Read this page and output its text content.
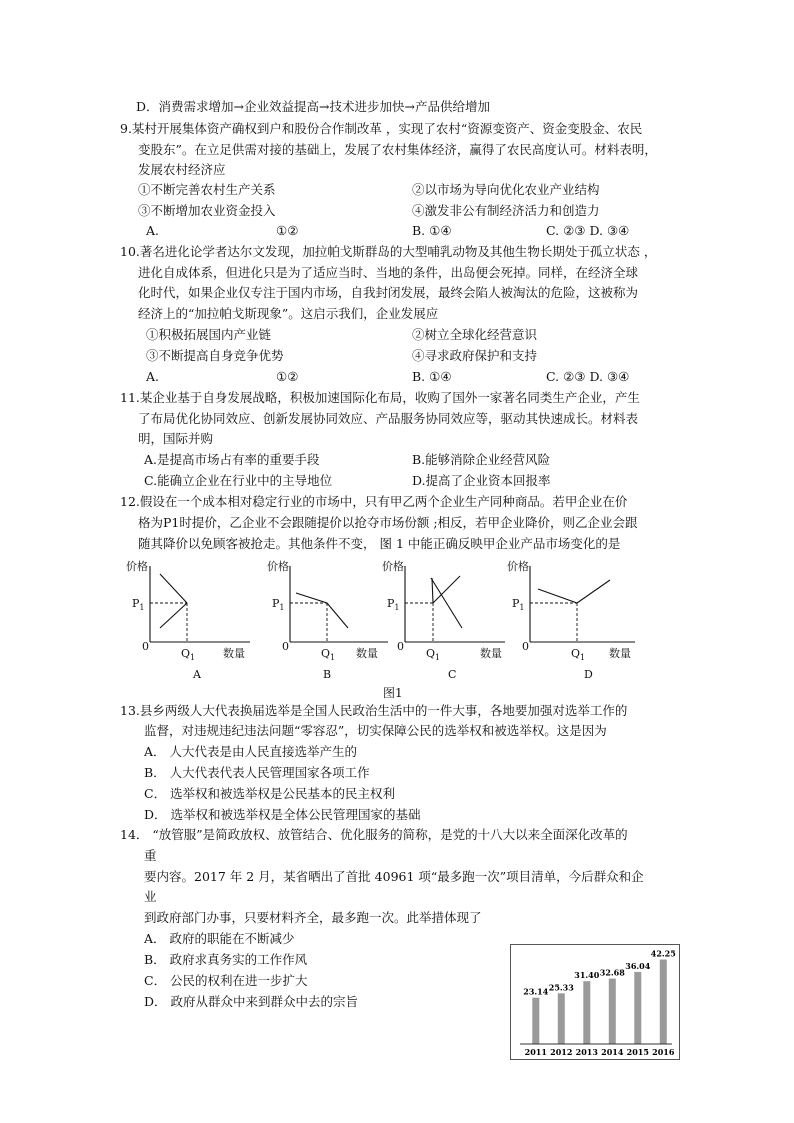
D．消费需求增加→企业效益提高→技术进步加快→产品供给增加
9.某村开展集体资产确权到户和股份合作制改革 ，实现了农村“资源变资产、资金变股金、农民
变股东”。在立足供需对接的基础上，发展了农村集体经济，赢得了农民高度认可。材料表明，
发展农村经济应
①不断完善农村生产关系	②以市场为导向优化农业产业结构
③不断增加农业资金投入	④激发非公有制经济活力和创造力
A.	①②	B. ①④	C. ②③ D. ③④
10.著名进化论学者达尔文发现，加拉帕戈斯群岛的大型哺乳动物及其他生物长期处于孤立状态 ，
进化自成体系，但进化只是为了适应当时、当地的条件，出岛便会死掉。同样，在经济全球
化时代，如果企业仅专注于国内市场，自我封闭发展，最终会陷人被淘汰的危险，这被称为
经济上的“加拉帕戈斯现象”。这启示我们，企业发展应
①积极拓展国内产业链	②树立全球化经营意识
③不断提高自身竞争优势	④寻求政府保护和支持
A.	①②	B. ①④	C. ②③ D. ③④
11.某企业基于自身发展战略，积极加速国际化布局，收购了国外一家著名同类生产企业，产生
了布局优化协同效应、创新发展协同效应、产品服务协同效应等，驱动其快速成长。材料表
明，国际并购
A.是提高市场占有率的重要手段	B.能够消除企业经营风险
C.能确立企业在行业中的主导地位	D.提高了企业资本回报率
12.假设在一个成本相对稳定行业的市场中，只有甲乙两个企业生产同种商品。若甲企业在价
格为P1时提价，乙企业不会跟随提价以抢夺市场份额 ;相反，若甲企业降价，则乙企业会跟
随其降价以免顾客被抢走。其他条件不变， 图 1 中能正确反映甲企业产品市场变化的是
价格	价格	价格	价格
$P_1$	$P_1$	$P_1$	$P_1$
0	0	0	0
$Q_1$	$Q_1$	$Q_1$	$Q_1$
数量	数量	数量	数量
A	B	C	D
图1
13.县乡两级人大代表换届选举是全国人民政治生活中的一件大事，各地要加强对选举工作的
监督，对违规违纪违法问题“零容忍”，切实保障公民的选举权和被选举权。这是因为
A． 人大代表是由人民直接选举产生的
B． 人大代表代表人民管理国家各项工作
C． 选举权和被选举权是公民基本的民主权利
D． 选举权和被选举权是全体公民管理国家的基础
14． “放管服”是简政放权、放管结合、优化服务的简称，是党的十八大以来全面深化改革的
重
要内容。2017 年 2 月，某省晒出了首批 40961 项“最多跑一次”项目清单，今后群众和企
业
到政府部门办事，只要材料齐全，最多跑一次。此举措体现了
A． 政府的职能在不断减少
B． 政府求真务实的工作作风
C． 公民的权利在进一步扩大
D． 政府从群众中来到群众中去的宗旨
23.14
2011
25.33
2012
31.40
2013
32.68
2014
36.04
2015
42.25
2016
